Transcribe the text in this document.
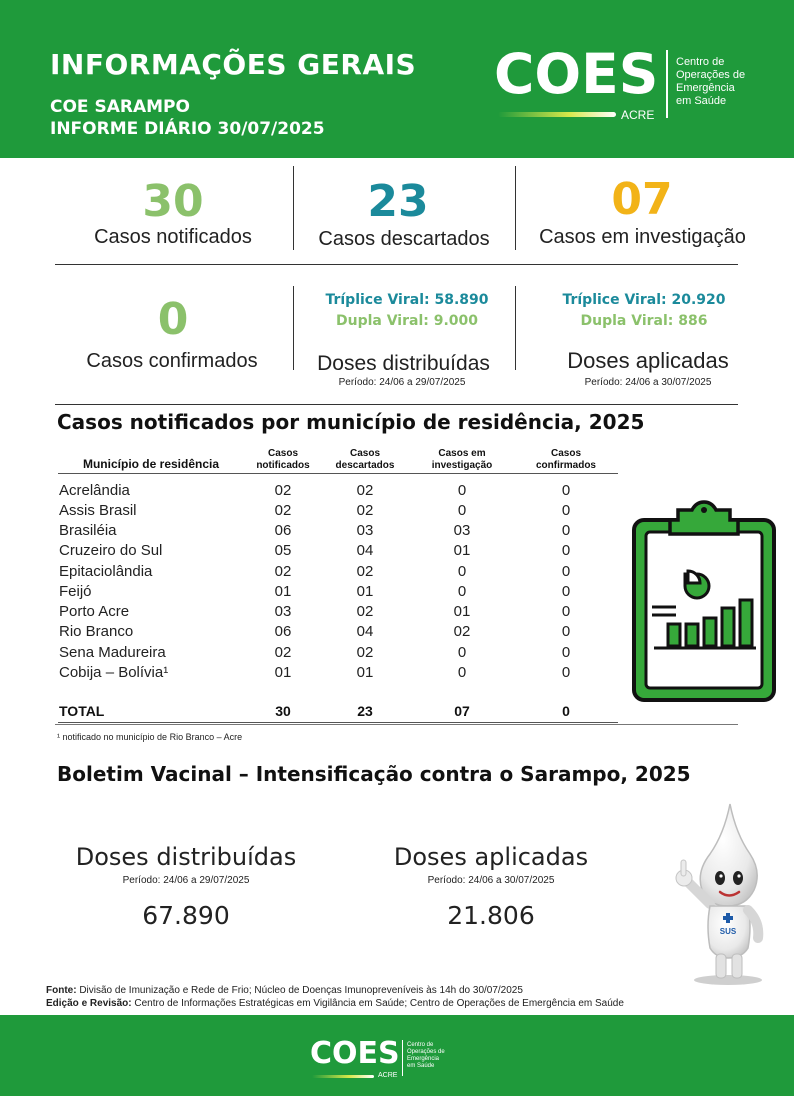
INFORMAÇÕES GERAIS
COE SARAMPO
INFORME DIÁRIO 30/07/2025
COES Centro de
Operações de
Emergência
em Saúde
ACRE
30
Casos notificados
23
Casos descartados
07
Casos em investigação
0
Casos confirmados
Tríplice Viral: 58.890
Dupla Viral: 9.000
Doses distribuídas
Período: 24/06 a 29/07/2025
Tríplice Viral: 20.920
Dupla Viral: 886
Doses aplicadas
Período: 24/06 a 30/07/2025
Casos notificados por município de residência, 2025
Município de residência
Casos
notificados
Casos
descartados
Casos em
investigação
Casos
confirmados
Acrelândia	02	02	0	0
Assis Brasil	02	02	0	0
Brasiléia	06	03	03	0
Cruzeiro do Sul	05	04	01	0
Epitaciolândia	02	02	0	0
Feijó	01	01	0	0
Porto Acre	03	02	01	0
Rio Branco	06	04	02	0
Sena Madureira	02	02	0	0
Cobija – Bolívia¹	01	01	0	0
TOTAL	30	23	07	0
¹ notificado no município de Rio Branco – Acre
Boletim Vacinal – Intensificação contra o Sarampo, 2025
Doses distribuídas
Período: 24/06 a 29/07/2025
67.890
Doses aplicadas
Período: 24/06 a 30/07/2025
21.806
SUS
Fonte: Divisão de Imunização e Rede de Frio; Núcleo de Doenças Imunopreveníveis às 14h do 30/07/2025
Edição e Revisão: Centro de Informações Estratégicas em Vigilância em Saúde; Centro de Operações de Emergência em Saúde
COES Centro de
Operações de
Emergência
em Saúde
ACRE
